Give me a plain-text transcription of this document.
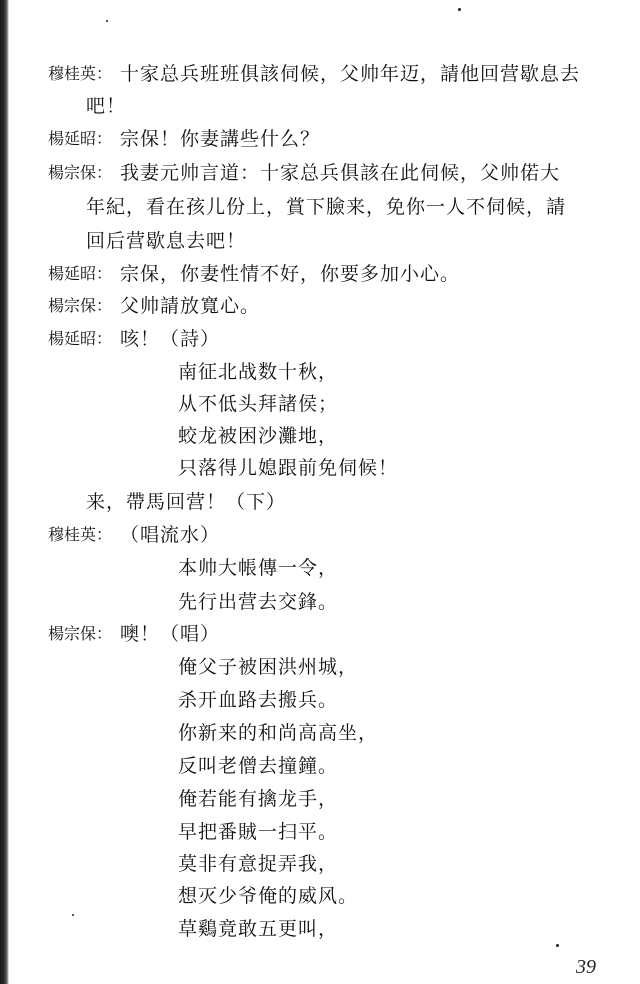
穆桂英： 十家总兵班班俱該伺候，父帅年迈，請他回营歇息去
吧！
楊延昭： 宗保！你妻講些什么？
楊宗保： 我妻元帅言道：十家总兵俱該在此伺候，父帅偌大
年紀，看在孩儿份上，賞下臉来，免你一人不伺候，請
回后营歇息去吧！
楊延昭： 宗保，你妻性情不好，你要多加小心。
楊宗保： 父帅請放寬心。
楊延昭： 咳！（詩）
南征北战数十秋，
从不低头拜諸侯；
蛟龙被困沙灘地，
只落得儿媳跟前免伺候！
来，帶馬回营！（下）
穆桂英： （唱流水）
本帅大帳傳一令，
先行出营去交鋒。
楊宗保： 噢！（唱）
俺父子被困洪州城，
杀开血路去搬兵。
你新来的和尚高高坐，
反叫老僧去撞鐘。
俺若能有擒龙手，
早把番賊一扫平。
莫非有意捉弄我，
想灭少爷俺的威风。
草鷄竟敢五更叫，
39
